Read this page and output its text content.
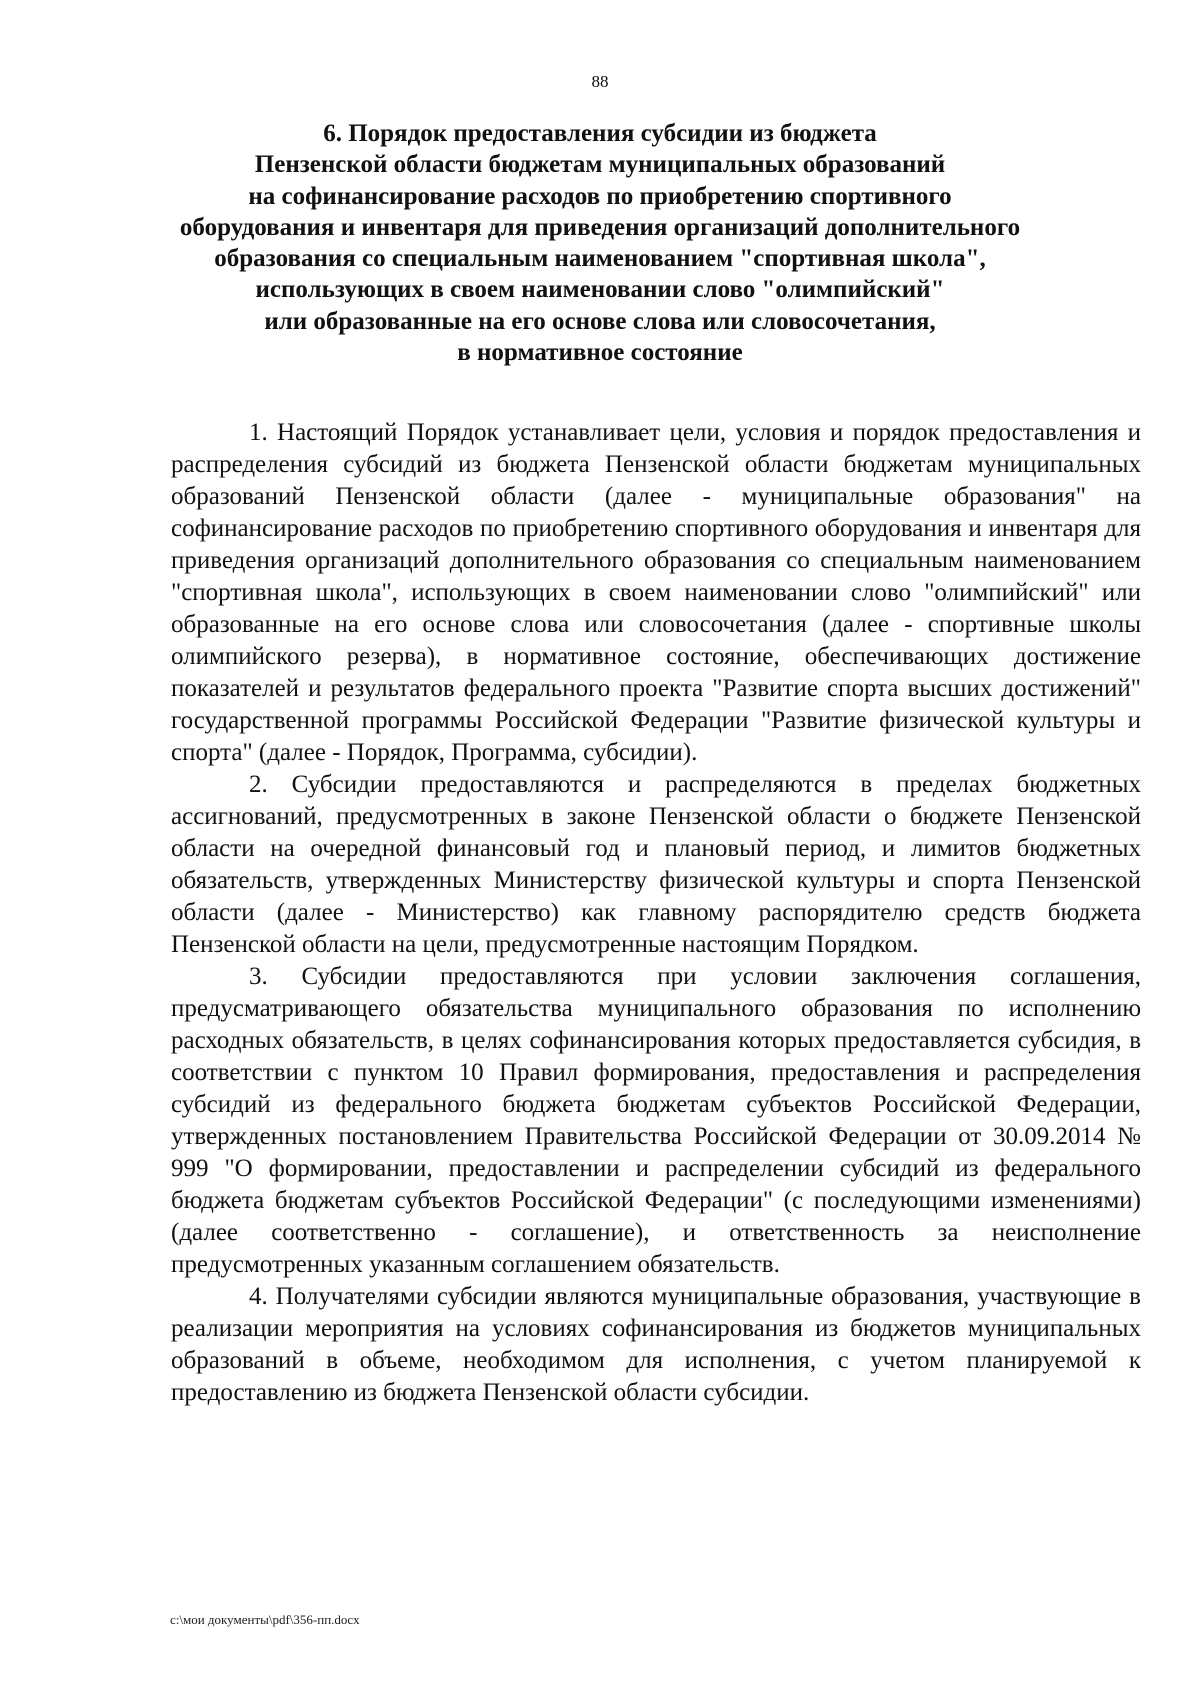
88
6. Порядок предоставления субсидии из бюджета
Пензенской области бюджетам муниципальных образований
на софинансирование расходов по приобретению спортивного
оборудования и инвентаря для приведения организаций дополнительного
образования со специальным наименованием "спортивная школа",
использующих в своем наименовании слово "олимпийский"
или образованные на его основе слова или словосочетания,
в нормативное состояние

1. Настоящий Порядок устанавливает цели, условия и порядок предоставления и распределения субсидий из бюджета Пензенской области бюджетам муниципальных образований Пензенской области (далее - муниципальные образования" на софинансирование расходов по приобретению спортивного оборудования и инвентаря для приведения организаций дополнительного образования со специальным наименованием "спортивная школа", использующих в своем наименовании слово "олимпийский" или образованные на его основе слова или словосочетания (далее - спортивные школы олимпийского резерва), в нормативное состояние, обеспечивающих достижение показателей и результатов федерального проекта "Развитие спорта высших достижений" государственной программы Российской Федерации "Развитие физической культуры и спорта" (далее - Порядок, Программа, субсидии).

2. Субсидии предоставляются и распределяются в пределах бюджетных ассигнований, предусмотренных в законе Пензенской области о бюджете Пензенской области на очередной финансовый год и плановый период, и лимитов бюджетных обязательств, утвержденных Министерству физической культуры и спорта Пензенской области (далее - Министерство) как главному распорядителю средств бюджета Пензенской области на цели, предусмотренные настоящим Порядком.

3. Субсидии предоставляются при условии заключения соглашения, предусматривающего обязательства муниципального образования по исполнению расходных обязательств, в целях софинансирования которых предоставляется субсидия, в соответствии с пунктом 10 Правил формирования, предоставления и распределения субсидий из федерального бюджета бюджетам субъектов Российской Федерации, утвержденных постановлением Правительства Российской Федерации от 30.09.2014 № 999 "О формировании, предоставлении и распределении субсидий из федерального бюджета бюджетам субъектов Российской Федерации" (с последующими изменениями) (далее соответственно - соглашение), и ответственность за неисполнение предусмотренных указанным соглашением обязательств.

4. Получателями субсидии являются муниципальные образования, участвующие в реализации мероприятия на условиях софинансирования из бюджетов муниципальных образований в объеме, необходимом для исполнения, с учетом планируемой к предоставлению из бюджета Пензенской области субсидии.

c:\мои документы\pdf\356-пп.docx
